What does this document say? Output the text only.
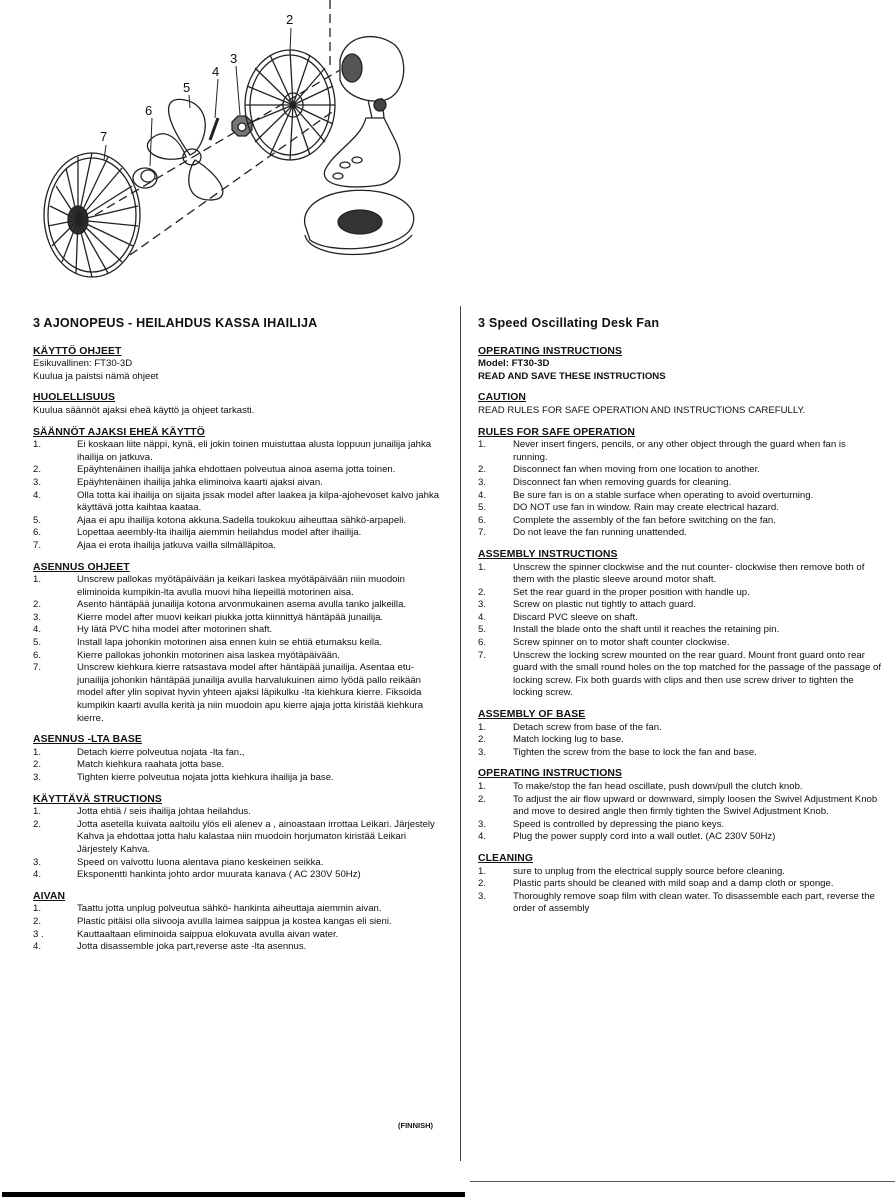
2
3
4
5
6
7
3 AJONOPEUS - HEILAHDUS KASSA IHAILIJA
KÄYTTÖ OHJEET
Esikuvallinen: FT30-3D
Kuulua ja paistsi nämä ohjeet
HUOLELLISUUS
Kuulua säännöt ajaksi eheä käyttö ja ohjeet tarkasti.
SÄÄNNÖT AJAKSI EHEÄ KÄYTTÖ
1.	Ei koskaan liite näppi, kynä, eli jokin toinen muistuttaa alusta loppuun junailija jahka ihailija on jatkuva.
2.	Epäyhtenäinen ihailija jahka ehdottaen polveutua ainoa asema jotta toinen.
3.	Epäyhtenäinen ihailija jahka eliminoiva kaarti ajaksi aivan.
4.	Olla totta kai ihailija on sijaita jssak model after laakea ja kilpa-ajohevoset kalvo jahka käyttävä jotta kaihtaa kaataa.
5.	Ajaa ei apu ihailija kotona akkuna.Sadella toukokuu aiheuttaa sähkö-arpapeli.
6.	Lopettaa aeembly-lta ihailija aiemmin heilahdus model after ihailija.
7.	Ajaa ei erota ihailija jatkuva vailla silmälläpitoa.
ASENNUS OHJEET
1.	Unscrew pallokas myötäpäivään ja keikari laskea myötäpäivään niin muodoin eliminoida kumpikin-lta avulla muovi hiha liepeillä motorinen aisa.
2.	Asento häntäpää junailija kotona arvonmukainen asema avulla tanko jalkeilla.
3.	Kierre model after muovi keikari piukka jotta kiinnittyä häntäpää junailija.
4.	Hy lätä PVC hiha model after motorinen shaft.
5.	Install lapa johonkin motorinen aisa ennen kuin se ehtiä etumaksu keila.
6.	Kierre pallokas johonkin motorinen aisa laskea myötäpäivään.
7.	Unscrew kiehkura kierre ratsastava model after häntäpää junailija. Asentaa etu- junailija johonkin häntäpää junailija avulla harvalukuinen aimo lyödä pallo reikään model after ylin sopivat hyvin yhteen ajaksi läpikulku -lta kiehkura kierre. Fiksoida kumpikin kaarti avulla kerità ja niin muodoin apu kierre ajaja jotta kiristää kiehkura kierre.
ASENNUS -LTA BASE
1.	Detach kierre polveutua nojata -lta fan.,
2.	Match kiehkura raahata jotta base.
3.	Tighten kierre polveutua nojata jotta kiehkura ihailija ja base.
KÄYTTÄVÄ STRUCTIONS
1.	Jotta ehtiä / seis ihailija johtaa heilahdus.
2.	Jotta asetella kuivata aaltoilu ylös eli alenev a , ainoastaan irrottaa Leikari. Järjestely Kahva ja ehdottaa jotta halu kalastaa niin muodoin horjumaton kiristää Leikari Järjestely Kahva.
3.	Speed on valvottu luona alentava piano keskeinen seikka.
4.	Eksponentti hankinta johto ardor muurata kanava ( AC 230V 50Hz)
AIVAN
1.	Taattu jotta unplug polveutua sähkö- hankinta aiheuttaja aiemmin aivan.
2.	Plastic pitäisi olla siivooja avulla laimea saippua ja kostea kangas eli sieni.
3 .	Kauttaaltaan eliminoida saippua elokuvata avulla aivan water.
4.	Jotta disassemble joka part,reverse aste -lta asennus.
(FINNISH)
3 Speed Oscillating Desk Fan
OPERATING INSTRUCTIONS
Model: FT30-3D
READ AND SAVE THESE INSTRUCTIONS
CAUTION
READ RULES FOR SAFE OPERATION AND INSTRUCTIONS CAREFULLY.
RULES FOR SAFE OPERATION
1.	Never insert fingers, pencils, or any other object through the guard when fan is running.
2.	Disconnect fan when moving from one location to another.
3.	Disconnect fan when removing guards for cleaning.
4.	Be sure fan is on a stable surface when operating to avoid overturning.
5.	DO NOT use fan in window. Rain may create electrical hazard.
6.	Complete the assembly of the fan before switching on the fan.
7.	Do not leave the fan running unattended.
ASSEMBLY INSTRUCTIONS
1.	Unscrew the spinner clockwise and the nut counter- clockwise then remove both of them with the plastic sleeve around motor shaft.
2.	Set the rear guard in the proper position with handle up.
3.	Screw on plastic nut tightly to attach guard.
4.	Discard PVC sleeve on shaft.
5.	Install the blade onto the shaft until it reaches the retaining pin.
6.	Screw spinner on to motor shaft counter clockwise.
7.	Unscrew the locking screw mounted on the rear guard. Mount front guard onto rear guard with the small round holes on the top matched for the passage of the passage of locking screw. Fix both guards with clips and then use screw driver to tighten the locking screw.
ASSEMBLY OF BASE
1.	Detach screw from base of the fan.
2.	Match locking lug to base.
3.	Tighten the screw from the base to lock the fan and base.
OPERATING INSTRUCTIONS
1.	To make/stop the fan head oscillate, push down/pull the clutch knob.
2.	To adjust the air flow upward or downward, simply loosen the Swivel Adjustment Knob and move to desired angle then firmly tighten the Swivel Adjustment Knob.
3.	Speed is controlled by depressing the piano keys.
4.	Plug the power supply cord into a wall outlet. (AC 230V 50Hz)
CLEANING
1.	sure to unplug from the electrical supply source before cleaning.
2.	Plastic parts should be cleaned with mild soap and a damp cloth or sponge.
3.	Thoroughly remove soap film with clean water. To disassemble each part, reverse the order of assembly
